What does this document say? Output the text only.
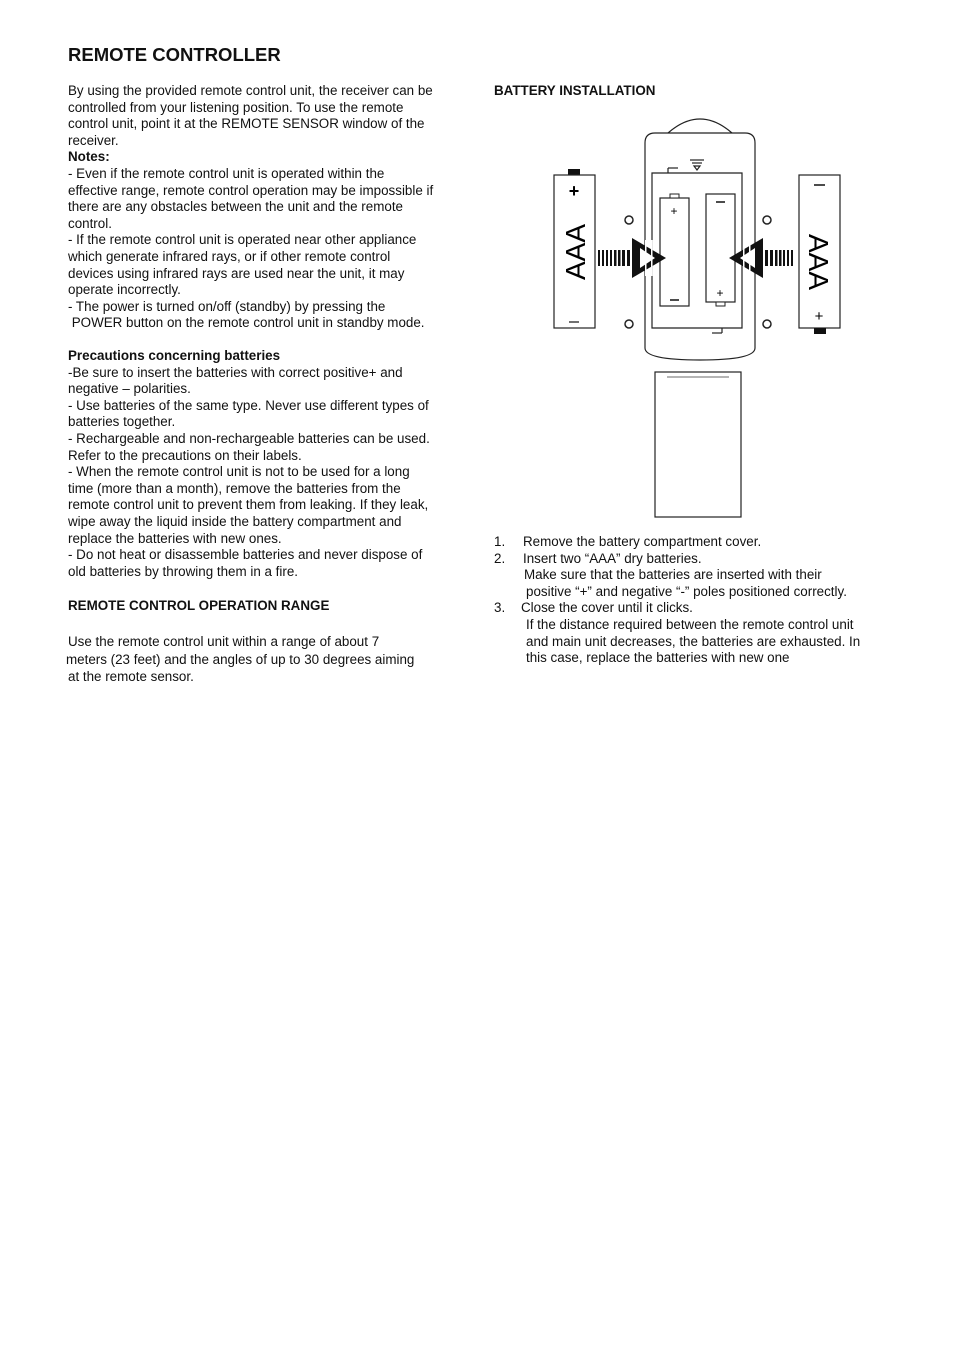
REMOTE CONTROLLER

By using the provided remote control unit, the receiver can be

controlled from your listening position. To use the remote

control unit, point it at the REMOTE SENSOR window of the

receiver.

Notes:

- Even if the remote control unit is operated within the

effective range, remote control operation may be impossible if

there are any obstacles between the unit and the remote

control.

- If the remote control unit is operated near other appliance

which generate infrared rays, or if other remote control

devices using infrared rays are used near the unit, it may

operate incorrectly.

- The power is turned on/off (standby) by pressing the

POWER button on the remote control unit in standby mode.

Precautions concerning batteries

-Be sure to insert the batteries with correct positive+ and

negative – polarities.

- Use batteries of the same type. Never use different types of

batteries together.

- Rechargeable and non-rechargeable batteries can be used.

Refer to the precautions on their labels.

- When the remote control unit is not to be used for a long

time (more than a month), remove the batteries from the

remote control unit to prevent them from leaking. If they leak,

wipe away the liquid inside the battery compartment and

replace the batteries with new ones.

- Do not heat or disassemble batteries and never dispose of

old batteries by throwing them in a fire.

REMOTE CONTROL OPERATION RANGE

Use the remote control unit within a range of about 7

meters (23 feet) and the angles of up to 30 degrees aiming

at the remote sensor.

BATTERY INSTALLATION
+
+
+
AAA	AAA
+
1.	Remove the battery compartment cover.
2.	Insert two “AAA” dry batteries.
Make sure that the batteries are inserted with their
positive “+” and negative “-” poles positioned correctly.
3.	Close the cover until it clicks.
If the distance required between the remote control unit
and main unit decreases, the batteries are exhausted. In
this case, replace the batteries with new one
